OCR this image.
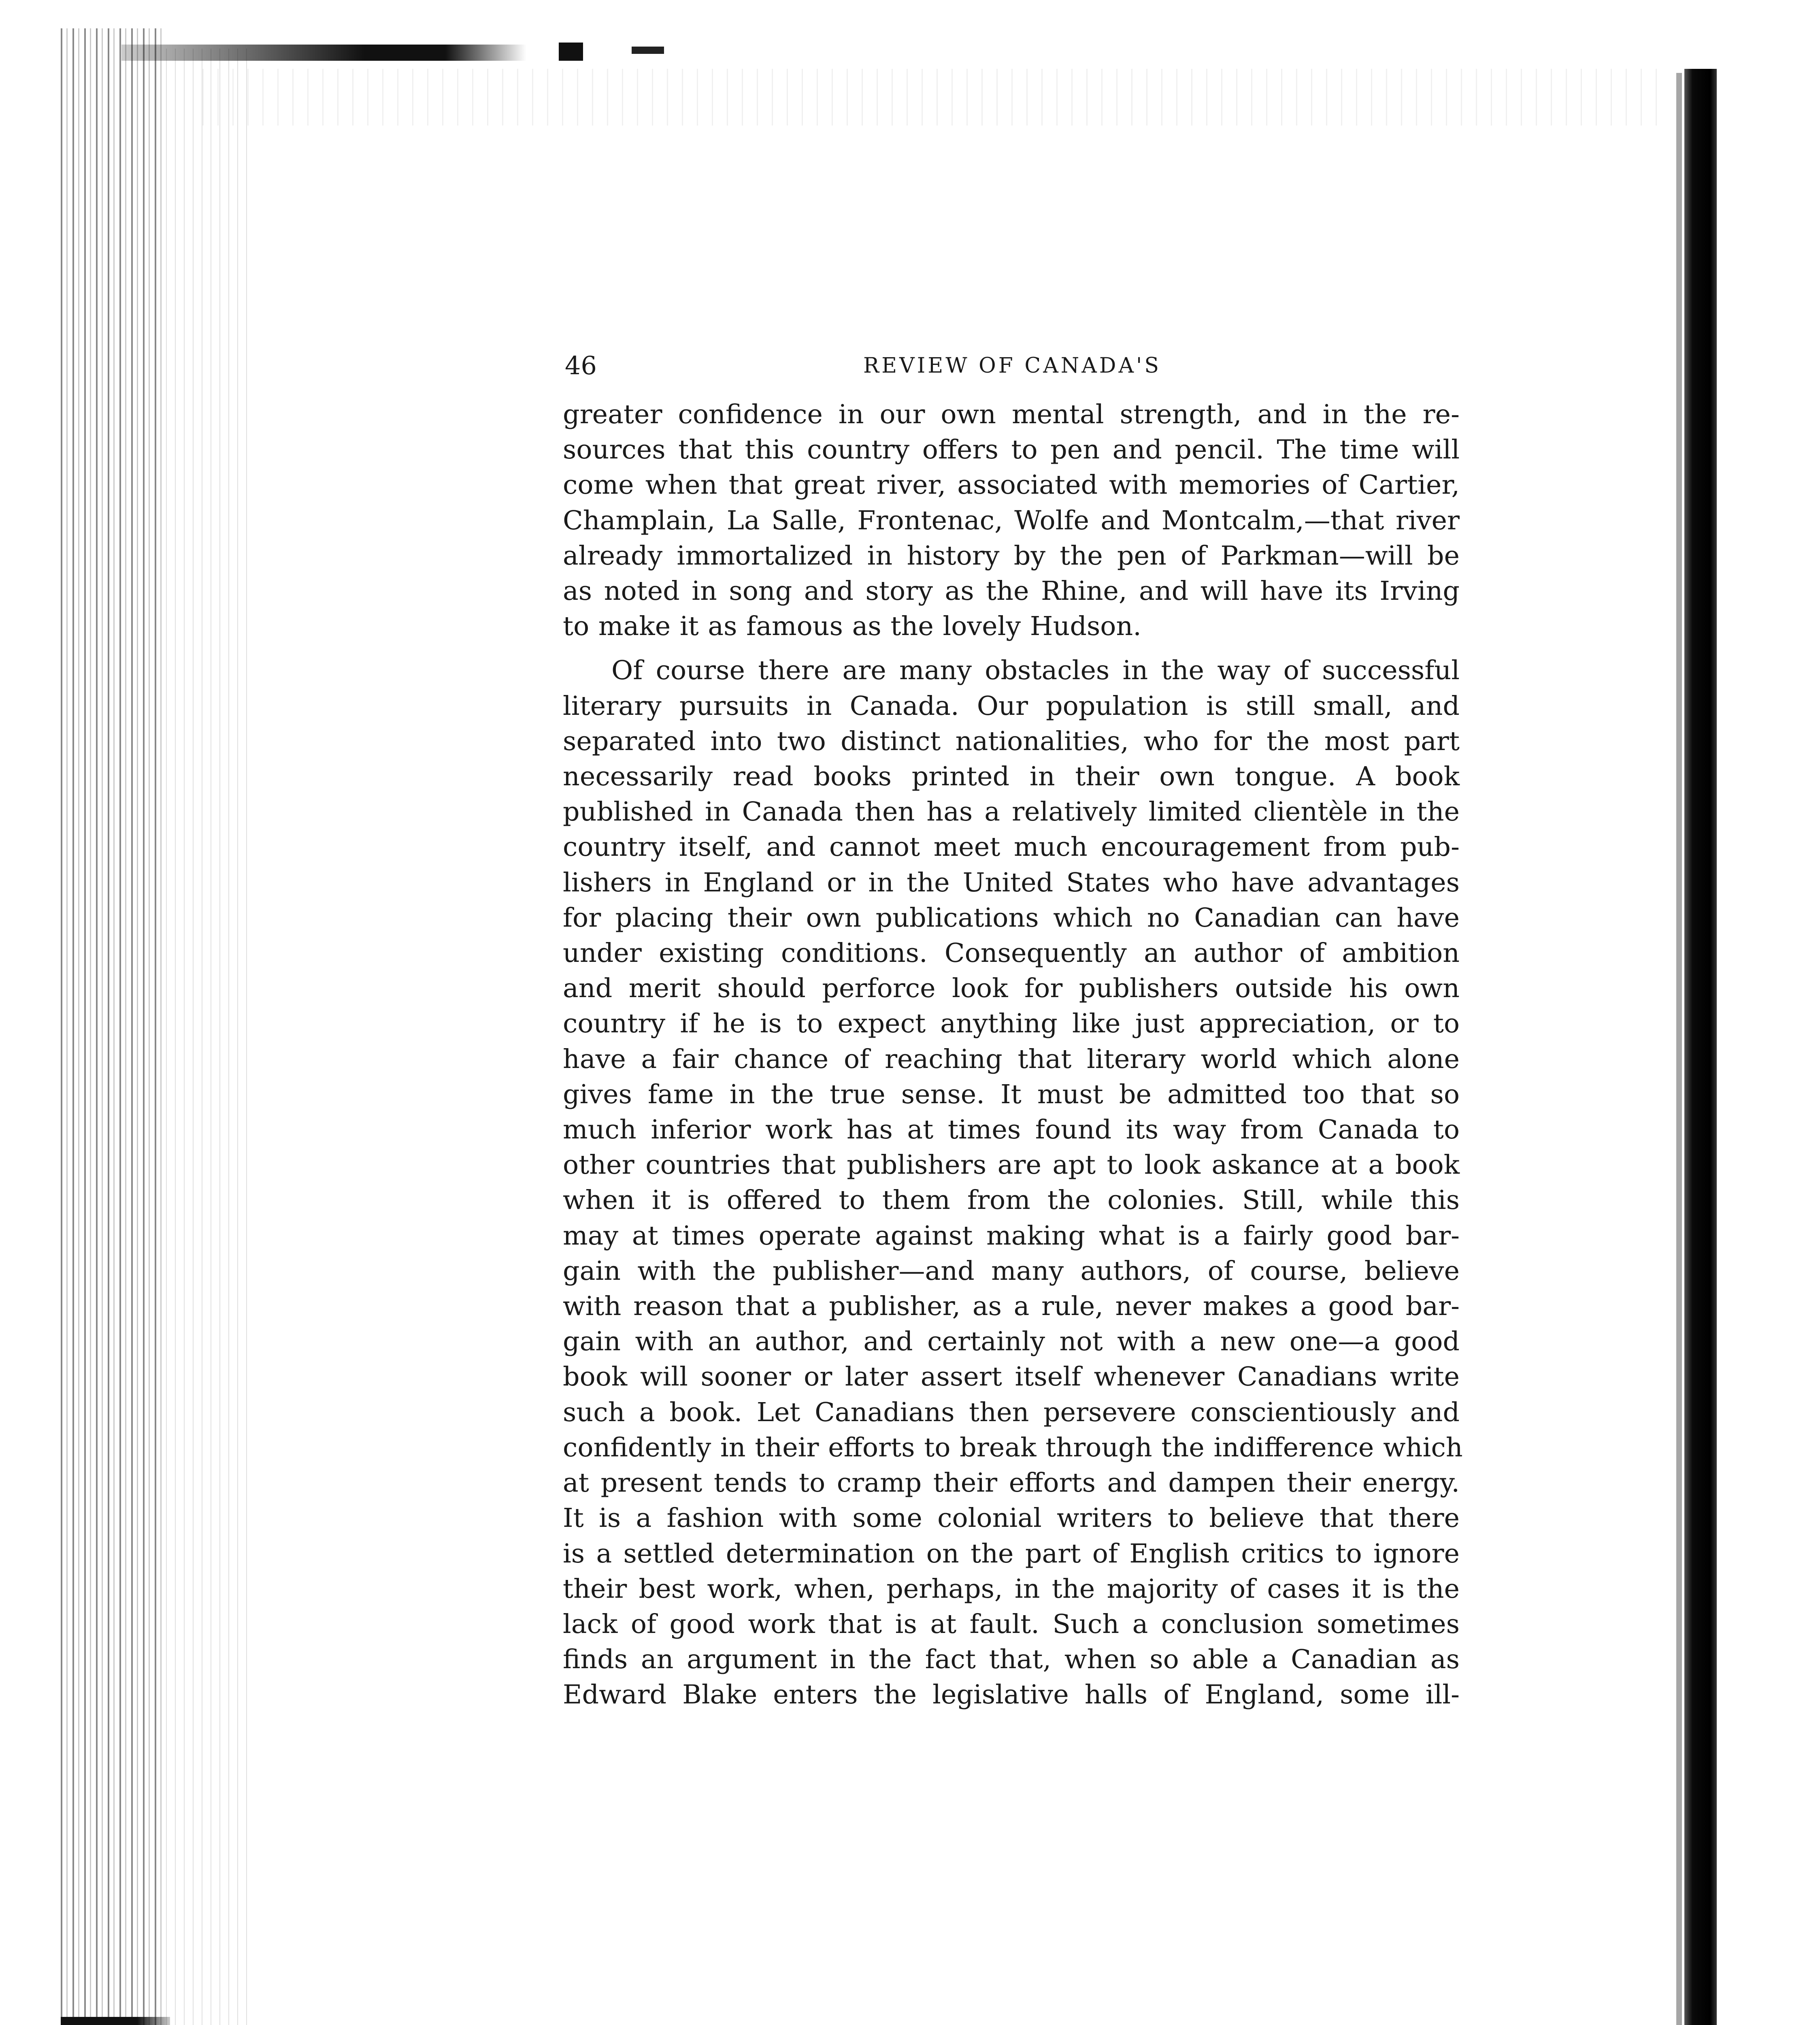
46	REVIEW OF CANADA'S

greater confidence in our own mental strength, and in the re-
sources that this country offers to pen and pencil. The time will
come when that great river, associated with memories of Cartier,
Champlain, La Salle, Frontenac, Wolfe and Montcalm,—that river
already immortalized in history by the pen of Parkman—will be
as noted in song and story as the Rhine, and will have its Irving
to make it as famous as the lovely Hudson.

Of course there are many obstacles in the way of successful
literary pursuits in Canada. Our population is still small, and
separated into two distinct nationalities, who for the most part
necessarily read books printed in their own tongue. A book
published in Canada then has a relatively limited clientèle in the
country itself, and cannot meet much encouragement from pub-
lishers in England or in the United States who have advantages
for placing their own publications which no Canadian can have
under existing conditions. Consequently an author of ambition
and merit should perforce look for publishers outside his own
country if he is to expect anything like just appreciation, or to
have a fair chance of reaching that literary world which alone
gives fame in the true sense. It must be admitted too that so
much inferior work has at times found its way from Canada to
other countries that publishers are apt to look askance at a book
when it is offered to them from the colonies. Still, while this
may at times operate against making what is a fairly good bar-
gain with the publisher—and many authors, of course, believe
with reason that a publisher, as a rule, never makes a good bar-
gain with an author, and certainly not with a new one—a good
book will sooner or later assert itself whenever Canadians write
such a book. Let Canadians then persevere conscientiously and
confidently in their efforts to break through the indifference which
at present tends to cramp their efforts and dampen their energy.
It is a fashion with some colonial writers to believe that there
is a settled determination on the part of English critics to ignore
their best work, when, perhaps, in the majority of cases it is the
lack of good work that is at fault. Such a conclusion sometimes
finds an argument in the fact that, when so able a Canadian as
Edward Blake enters the legislative halls of England, some ill-
